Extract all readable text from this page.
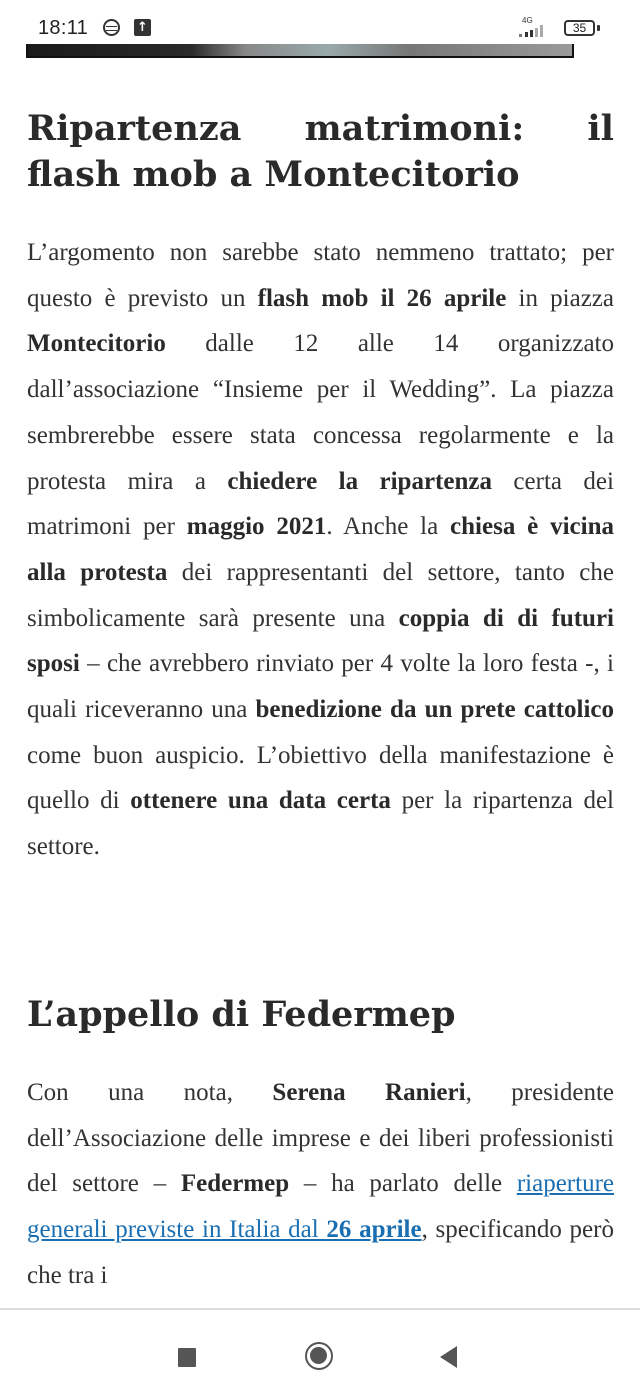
18:11	↑	4G
35
Ripartenza matrimoni: il
flash mob a Montecitorio

L’argomento non sarebbe stato nemmeno trattato; per questo è previsto un flash mob il 26 aprile in piazza Montecitorio dalle 12 alle 14 organizzato dall’associazione “Insieme per il Wedding”. La piazza sembrerebbe essere stata concessa regolarmente e la protesta mira a chiedere la ripartenza certa dei matrimoni per maggio 2021. Anche la chiesa è vicina alla protesta dei rappresentanti del settore, tanto che simbolicamente sarà presente una coppia di di futuri sposi – che avrebbero rinviato per 4 volte la loro festa -, i quali riceveranno una benedizione da un prete cattolico come buon auspicio. L’obiettivo della manifestazione è quello di ottenere una data certa per la ripartenza del settore.

L’appello di Federmep

Con una nota, Serena Ranieri, presidente dell’Associazione delle imprese e dei liberi professionisti del settore – Federmep – ha parlato delle riaperture generali previste in Italia dal 26 aprile, specificando però che tra i
